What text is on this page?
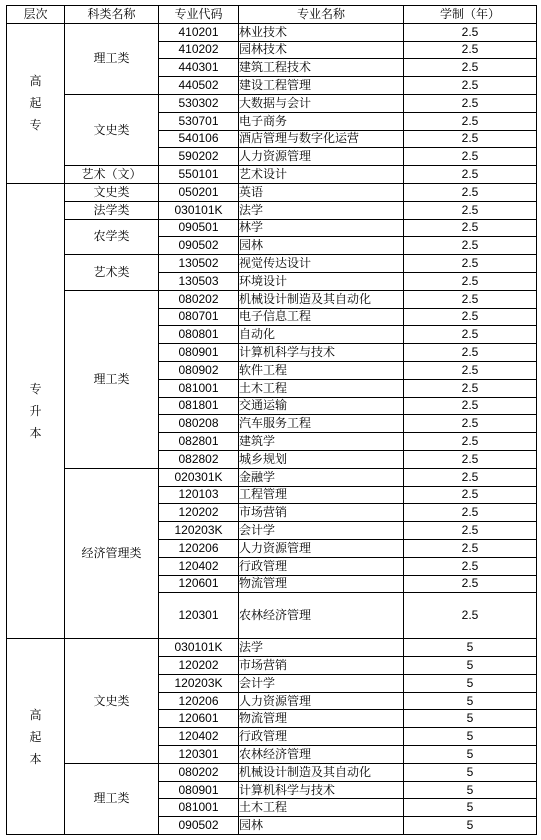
层次	科类名称	专业代码	专业名称	学制（年）
高起专	理工类	410201	林业技术	2.5
		410202	园林技术	2.5
		440301	建筑工程技术	2.5
		440502	建设工程管理	2.5
	文史类	530302	大数据与会计	2.5
		530701	电子商务	2.5
		540106	酒店管理与数字化运营	2.5
		590202	人力资源管理	2.5
	艺术（文）	550101	艺术设计	2.5
专升本	文史类	050201	英语	2.5
	法学类	030101K	法学	2.5
	农学类	090501	林学	2.5
		090502	园林	2.5
	艺术类	130502	视觉传达设计	2.5
		130503	环境设计	2.5
	理工类	080202	机械设计制造及其自动化	2.5
		080701	电子信息工程	2.5
		080801	自动化	2.5
		080901	计算机科学与技术	2.5
		080902	软件工程	2.5
		081001	土木工程	2.5
		081801	交通运输	2.5
		080208	汽车服务工程	2.5
		082801	建筑学	2.5
		082802	城乡规划	2.5
	经济管理类	020301K	金融学	2.5
		120103	工程管理	2.5
		120202	市场营销	2.5
		120203K	会计学	2.5
		120206	人力资源管理	2.5
		120402	行政管理	2.5
		120601	物流管理	2.5
		120301	农林经济管理	2.5
高起本	文史类	030101K	法学	5
		120202	市场营销	5
		120203K	会计学	5
		120206	人力资源管理	5
		120601	物流管理	5
		120402	行政管理	5
		120301	农林经济管理	5
	理工类	080202	机械设计制造及其自动化	5
		080901	计算机科学与技术	5
		081001	土木工程	5
		090502	园林	5
